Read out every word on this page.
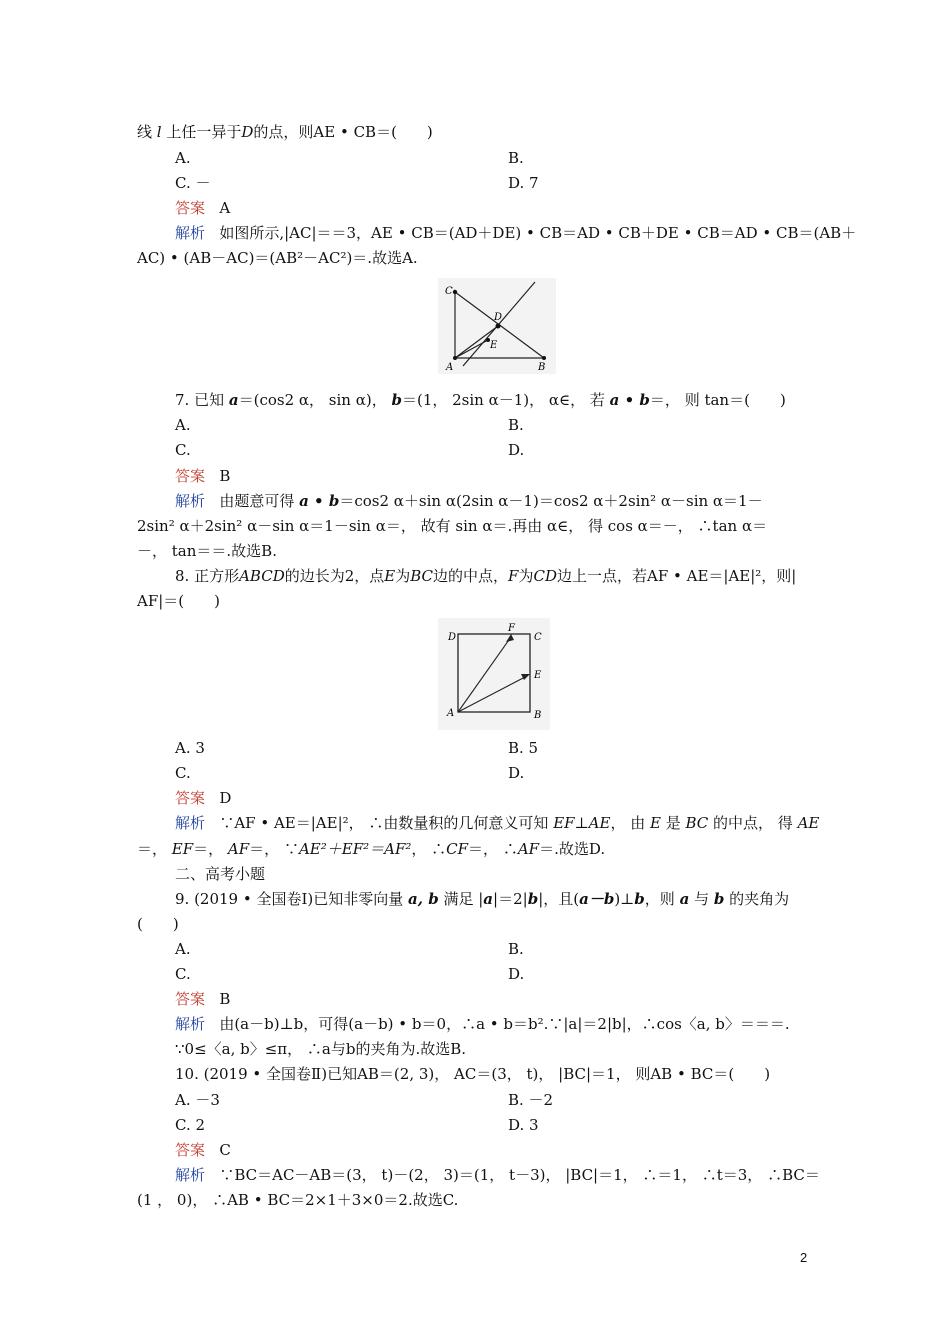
线 l 上任一异于D的点，则AE • CB＝(　　)
A.	B.
C. －	D. 7
答案 A
解析 如图所示,|AC|＝＝3，AE • CB＝(AD＋DE) • CB＝AD • CB＋DE • CB＝AD • CB＝(AB＋
AC) • (AB－AC)＝(AB²－AC²)＝.故选A.
C
D
E
A	B
7. 已知 a＝(cos2 α， sin α)， b＝(1， 2sin α－1)， α∈， 若 a • b＝， 则 tan＝(　　)
A.	B.
C.	D.
答案 B
解析 由题意可得 a • b＝cos2 α＋sin α(2sin α－1)＝cos2 α＋2sin² α－sin α＝1－
2sin² α＋2sin² α－sin α＝1－sin α＝， 故有 sin α＝.再由 α∈， 得 cos α＝－， ∴tan α＝
－， tan＝＝.故选B.
8. 正方形ABCD的边长为2，点E为BC边的中点，F为CD边上一点，若AF • AE＝|AE|²，则|
AF|＝(　　)
D
F
C
E
A	B
A. 3	B. 5
C.	D.
答案 D
解析 ∵AF • AE＝|AE|²， ∴由数量积的几何意义可知 EF⊥AE， 由 E 是 BC 的中点， 得 AE
＝， EF＝， AF＝， ∵AE²＋EF²＝AF²， ∴CF＝， ∴AF＝.故选D.
二、高考小题
9. (2019 • 全国卷Ⅰ)已知非零向量 a, b 满足 |a|＝2|b|，且(a－b)⊥b，则 a 与 b 的夹角为
(　　)
A.	B.
C.	D.
答案 B
解析 由(a－b)⊥b，可得(a－b) • b＝0，∴a • b＝b².∵|a|＝2|b|，∴cos〈a, b〉＝＝＝.
∵0≤〈a, b〉≤π， ∴a与b的夹角为.故选B.
10. (2019 • 全国卷Ⅱ)已知AB＝(2, 3)， AC＝(3， t)， |BC|＝1， 则AB • BC＝(　　)
A. －3	B. －2
C. 2	D. 3
答案 C
解析 ∵BC＝AC－AB＝(3， t)－(2， 3)＝(1， t－3)， |BC|＝1， ∴＝1， ∴t＝3， ∴BC＝
(1 ， 0)， ∴AB • BC＝2×1＋3×0＝2.故选C.
2
